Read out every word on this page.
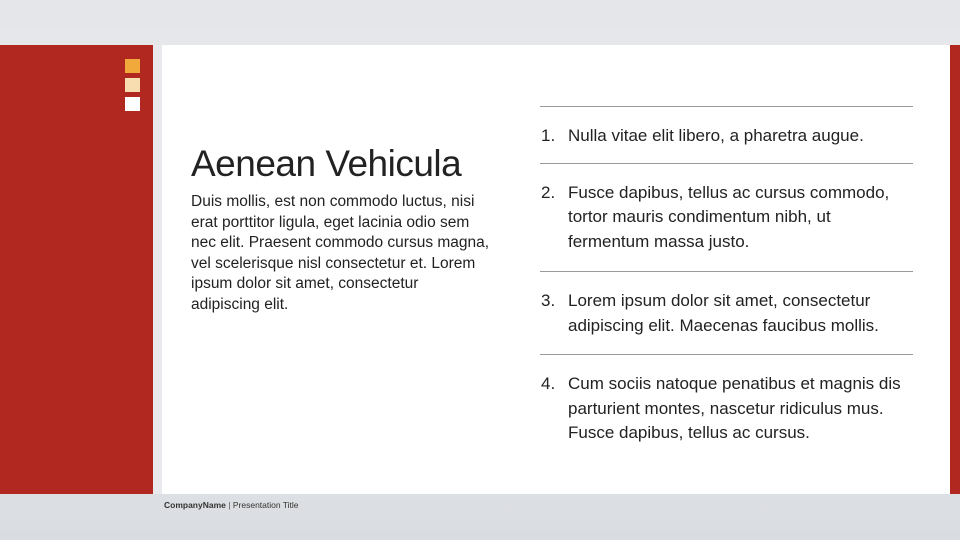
Aenean Vehicula

Duis mollis, est non commodo luctus, nisi erat porttitor ligula, eget lacinia odio sem nec elit. Praesent commodo cursus magna, vel scelerisque nisl consectetur et. Lorem ipsum dolor sit amet, consectetur adipiscing elit.

1. Nulla vitae elit libero, a pharetra augue.
2. Fusce dapibus, tellus ac cursus commodo, tortor mauris condimentum nibh, ut fermentum massa justo.
3. Lorem ipsum dolor sit amet, consectetur adipiscing elit. Maecenas faucibus mollis.
4. Cum sociis natoque penatibus et magnis dis parturient montes, nascetur ridiculus mus. Fusce dapibus, tellus ac cursus.
CompanyName | Presentation Title
